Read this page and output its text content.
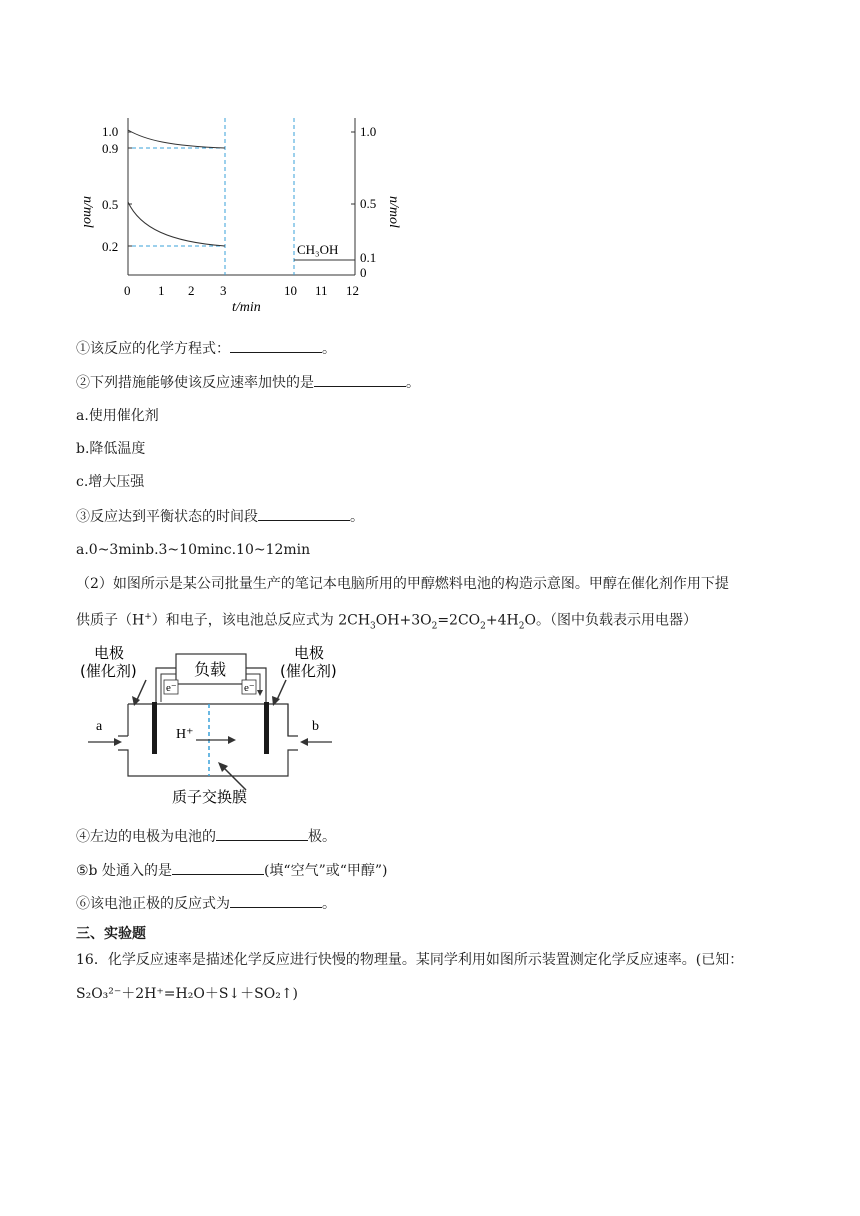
1.0
0.9
0.5
0.2
1.0
0.5
0.1
0
n/mol	n/mol
0 1 2 3	10 11 12
t/min
CH₃OH
①该反应的化学方程式：	。
②下列措施能够使该反应速率加快的是	。
a.使用催化剂
b.降低温度
c.增大压强
③反应达到平衡状态的时间段	。
a.0~3minb.3~10minc.10~12min
（2）如图所示是某公司批量生产的笔记本电脑所用的甲醇燃料电池的构造示意图。甲醇在催化剂作用下提
供质子（H+）和电子，该电池总反应式为 $2CH_3OH+3O_2=2CO_2+4H_2O$。（图中负载表示用电器）
电极
(催化剂)
电极
(催化剂)
负载
e⁻	e⁻
H⁺
a	b
质子交换膜
④左边的电极为电池的	极。
⑤b 处通入的是	(填“空气”或“甲醇”)
⑥该电池正极的反应式为	。
三、实验题
16．化学反应速率是描述化学反应进行快慢的物理量。某同学利用如图所示装置测定化学反应速率。(已知：
S₂O₃²⁻＋2H⁺=H₂O＋S↓＋SO₂↑)
